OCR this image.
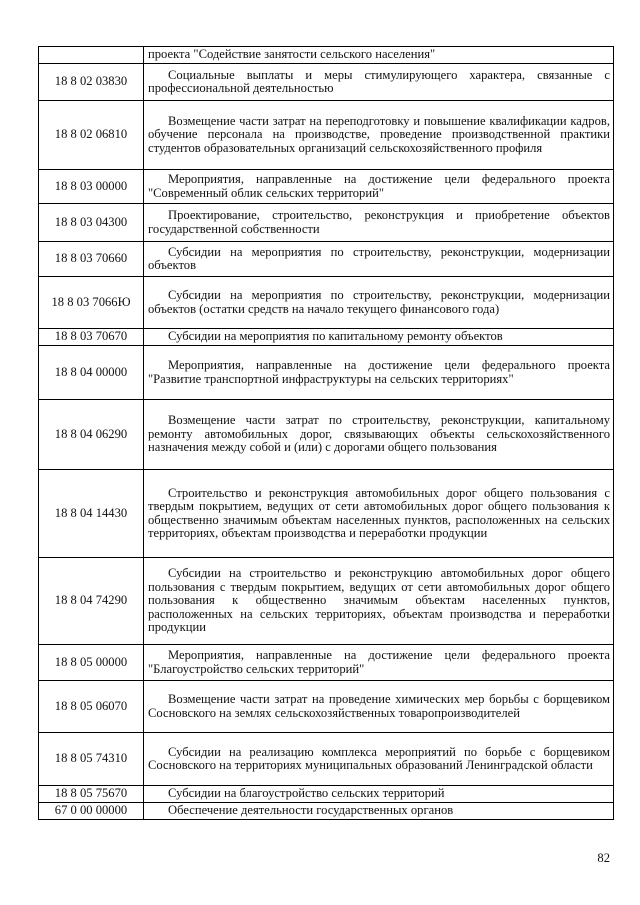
	проекта "Содействие занятости сельского населения"
18 8 02 03830	Социальные выплаты и меры стимулирующего характера, связанные с профессиональной деятельностью
18 8 02 06810	Возмещение части затрат на переподготовку и повышение квалификации кадров, обучение персонала на производстве, проведение производственной практики студентов образовательных организаций сельскохозяйственного профиля
18 8 03 00000	Мероприятия, направленные на достижение цели федерального проекта "Современный облик сельских территорий"
18 8 03 04300	Проектирование, строительство, реконструкция и приобретение объектов государственной собственности
18 8 03 70660	Субсидии на мероприятия по строительству, реконструкции, модернизации объектов
18 8 03 7066Ю	Субсидии на мероприятия по строительству, реконструкции, модернизации объектов (остатки средств на начало текущего финансового года)
18 8 03 70670	Субсидии на мероприятия по капитальному ремонту объектов
18 8 04 00000	Мероприятия, направленные на достижение цели федерального проекта "Развитие транспортной инфраструктуры на сельских территориях"
18 8 04 06290	Возмещение части затрат по строительству, реконструкции, капитальному ремонту автомобильных дорог, связывающих объекты сельскохозяйственного назначения между собой и (или) с дорогами общего пользования
18 8 04 14430	Строительство и реконструкция автомобильных дорог общего пользования с твердым покрытием, ведущих от сети автомобильных дорог общего пользования к общественно значимым объектам населенных пунктов, расположенных на сельских территориях, объектам производства и переработки продукции
18 8 04 74290	Субсидии на строительство и реконструкцию автомобильных дорог общего пользования с твердым покрытием, ведущих от сети автомобильных дорог общего пользования к общественно значимым объектам населенных пунктов, расположенных на сельских территориях, объектам производства и переработки продукции
18 8 05 00000	Мероприятия, направленные на достижение цели федерального проекта "Благоустройство сельских территорий"
18 8 05 06070	Возмещение части затрат на проведение химических мер борьбы с борщевиком Сосновского на землях сельскохозяйственных товаропроизводителей
18 8 05 74310	Субсидии на реализацию комплекса мероприятий по борьбе с борщевиком Сосновского на территориях муниципальных образований Ленинградской области
18 8 05 75670	Субсидии на благоустройство сельских территорий
67 0 00 00000	Обеспечение деятельности государственных органов
82
